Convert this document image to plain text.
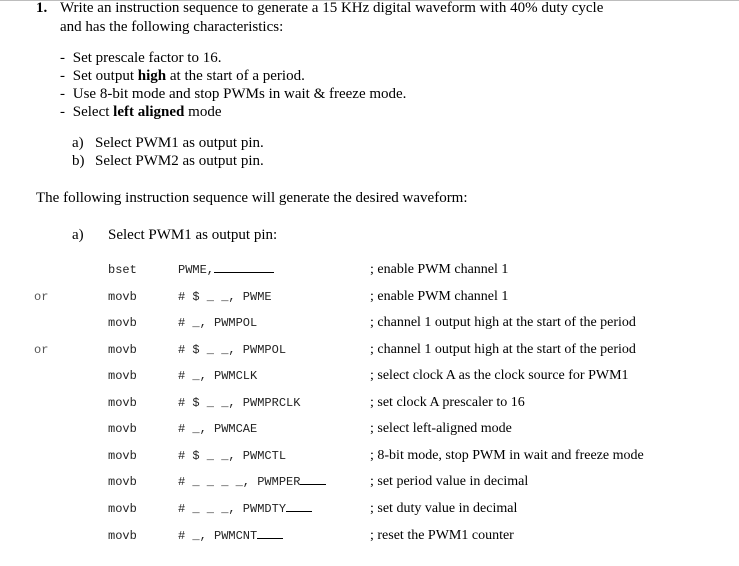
1. Write an instruction sequence to generate a 15 KHz digital waveform with 40% duty cycle
and has the following characteristics:
- Set prescale factor to 16.
- Set output high at the start of a period.
- Use 8-bit mode and stop PWMs in wait & freeze mode.
- Select left aligned mode
a) Select PWM1 as output pin.
b) Select PWM2 as output pin.
The following instruction sequence will generate the desired waveform:
a) Select PWM1 as output pin:
bset	PWME,	; enable PWM channel 1
or	movb	# $ _ _, PWME	; enable PWM channel 1
movb	# _, PWMPOL	; channel 1 output high at the start of the period
or	movb	# $ _ _, PWMPOL	; channel 1 output high at the start of the period
movb	# _, PWMCLK	; select clock A as the clock source for PWM1
movb	# $ _ _, PWMPRCLK	; set clock A prescaler to 16
movb	# _, PWMCAE	; select left-aligned mode
movb	# $ _ _, PWMCTL	; 8-bit mode, stop PWM in wait and freeze mode
movb	# _ _ _ _, PWMPER	; set period value in decimal
movb	# _ _ _, PWMDTY	; set duty value in decimal
movb	# _, PWMCNT	; reset the PWM1 counter
